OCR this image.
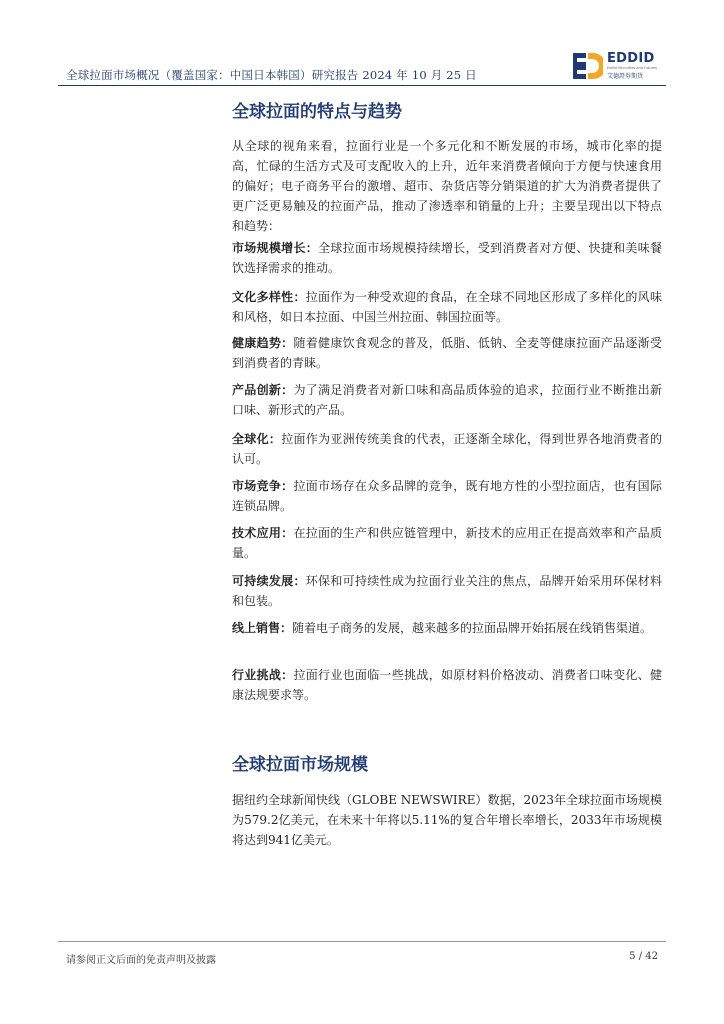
全球拉面市场概况（覆盖国家：中国日本韩国）研究报告 2024 年 10 月 25 日
EDDID
Eddid Securities and Futures
艾德證券期貨
全球拉面的特点与趋势
从全球的视角来看，拉面行业是一个多元化和不断发展的市场，城市化率的提高，忙碌的生活方式及可支配收入的上升，近年来消费者倾向于方便与快速食用的偏好；电子商务平台的激增、超市、杂货店等分销渠道的扩大为消费者提供了更广泛更易触及的拉面产品，推动了渗透率和销量的上升；主要呈现出以下特点和趋势：
市场规模增长：全球拉面市场规模持续增长，受到消费者对方便、快捷和美味餐饮选择需求的推动。
文化多样性：拉面作为一种受欢迎的食品，在全球不同地区形成了多样化的风味和风格，如日本拉面、中国兰州拉面、韩国拉面等。
健康趋势：随着健康饮食观念的普及，低脂、低钠、全麦等健康拉面产品逐渐受到消费者的青睐。
产品创新：为了满足消费者对新口味和高品质体验的追求，拉面行业不断推出新口味、新形式的产品。
全球化：拉面作为亚洲传统美食的代表，正逐渐全球化，得到世界各地消费者的认可。
市场竞争：拉面市场存在众多品牌的竞争，既有地方性的小型拉面店，也有国际连锁品牌。
技术应用：在拉面的生产和供应链管理中，新技术的应用正在提高效率和产品质量。
可持续发展：环保和可持续性成为拉面行业关注的焦点，品牌开始采用环保材料和包装。
线上销售：随着电子商务的发展，越来越多的拉面品牌开始拓展在线销售渠道。
行业挑战：拉面行业也面临一些挑战，如原材料价格波动、消费者口味变化、健康法规要求等。
全球拉面市场规模
据纽约全球新闻快线（GLOBE NEWSWIRE）数据，2023年全球拉面市场规模为579.2亿美元，在未来十年将以5.11%的复合年增长率增长，2033年市场规模将达到941亿美元。
请参阅正文后面的免责声明及披露	5 / 42
